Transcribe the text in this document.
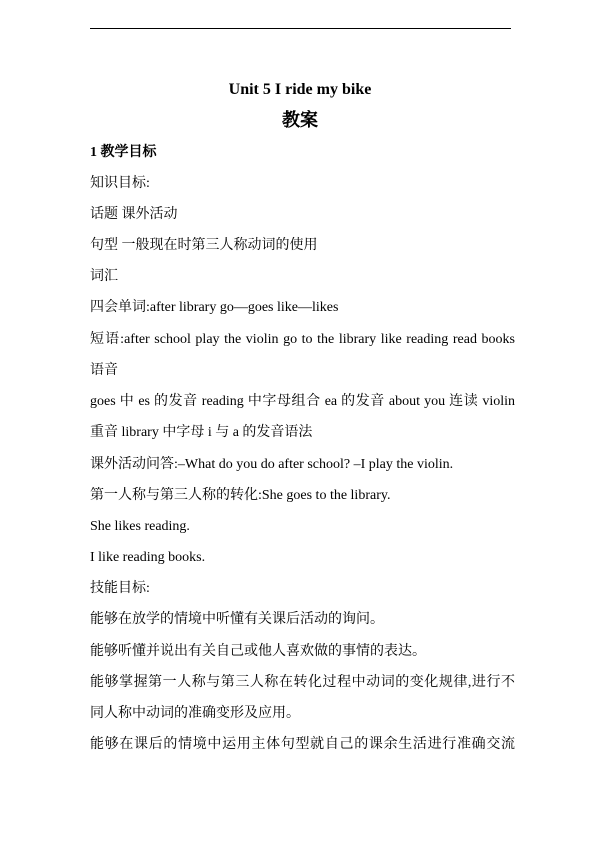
Unit 5 I ride my bike
教案
1 教学目标
知识目标:
话题 课外活动
句型 一般现在时第三人称动词的使用
词汇
四会单词:after library go—goes like—likes
短语:after school play the violin go to the library like reading read books
语音
goes 中 es 的发音 reading 中字母组合 ea 的发音 about you 连读 violin
重音 library 中字母 i 与 a 的发音语法
课外活动问答:–What do you do after school? –I play the violin.
第一人称与第三人称的转化:She goes to the library.
She likes reading.
I like reading books.
技能目标:
能够在放学的情境中听懂有关课后活动的询问。
能够听懂并说出有关自己或他人喜欢做的事情的表达。
能够掌握第一人称与第三人称在转化过程中动词的变化规律,进行不
同人称中动词的准确变形及应用。
能够在课后的情境中运用主体句型就自己的课余生活进行准确交流
